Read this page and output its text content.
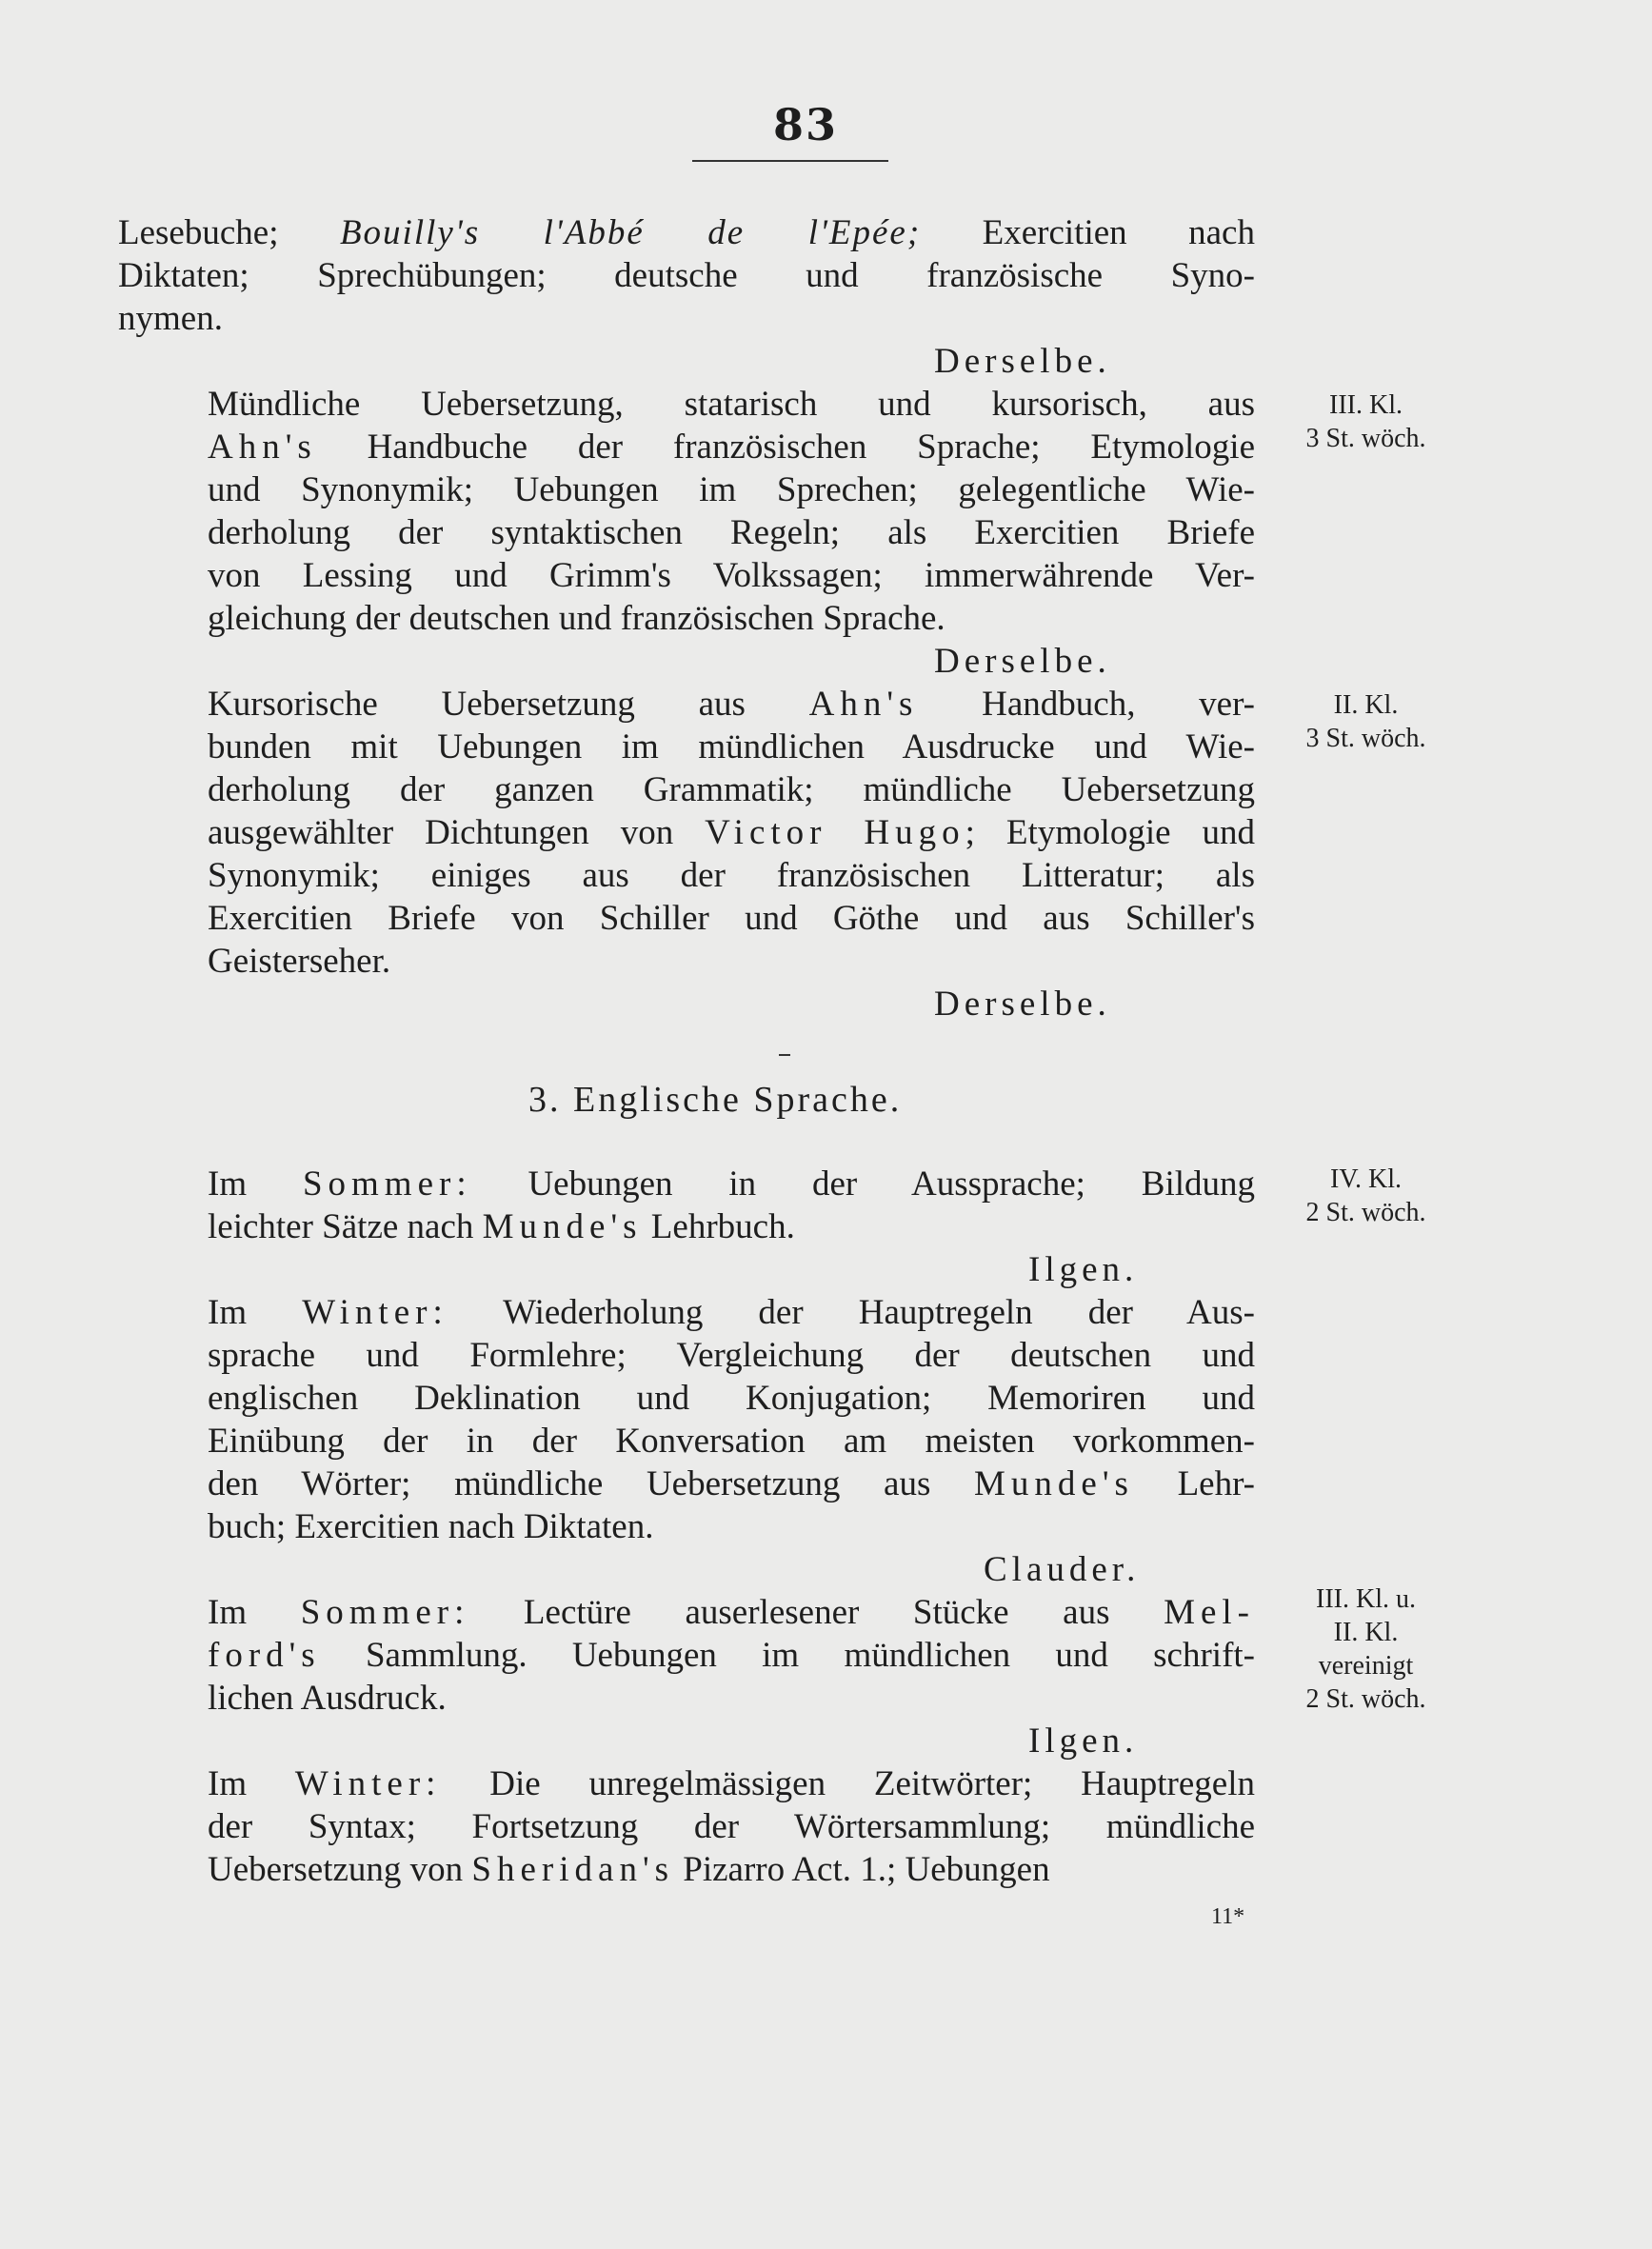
83
Lesebuche; Bouilly's l'Abbé de l'Epée; Exercitien nach
Diktaten; Sprechübungen; deutsche und französische Syno-
nymen.
Derselbe.
Mündliche Uebersetzung, statarisch und kursorisch, aus
Ahn's Handbuche der französischen Sprache; Etymologie
und Synonymik; Uebungen im Sprechen; gelegentliche Wie-
derholung der syntaktischen Regeln; als Exercitien Briefe
von Lessing und Grimm's Volkssagen; immerwährende Ver-
gleichung der deutschen und französischen Sprache.
Derselbe.
III. Kl.
3 St. wöch.
Kursorische Uebersetzung aus Ahn's Handbuch, ver-
bunden mit Uebungen im mündlichen Ausdrucke und Wie-
derholung der ganzen Grammatik; mündliche Uebersetzung
ausgewählter Dichtungen von Victor Hugo; Etymologie und
Synonymik; einiges aus der französischen Litteratur; als
Exercitien Briefe von Schiller und Göthe und aus Schiller's
Geisterseher.
Derselbe.
II. Kl.
3 St. wöch.
3. Englische Sprache.
Im Sommer: Uebungen in der Aussprache; Bildung
leichter Sätze nach Munde's Lehrbuch.
Ilgen.
IV. Kl.
2 St. wöch.
Im Winter: Wiederholung der Hauptregeln der Aus-
sprache und Formlehre; Vergleichung der deutschen und
englischen Deklination und Konjugation; Memoriren und
Einübung der in der Konversation am meisten vorkommen-
den Wörter; mündliche Uebersetzung aus Munde's Lehr-
buch; Exercitien nach Diktaten.
Clauder.
Im Sommer: Lectüre auserlesener Stücke aus Mel-
ford's Sammlung. Uebungen im mündlichen und schrift-
lichen Ausdruck.
Ilgen.
III. Kl. u.
II. Kl.
vereinigt
2 St. wöch.
Im Winter: Die unregelmässigen Zeitwörter; Hauptregeln
der Syntax; Fortsetzung der Wörtersammlung; mündliche
Uebersetzung von Sheridan's Pizarro Act. 1.; Uebungen
11*
